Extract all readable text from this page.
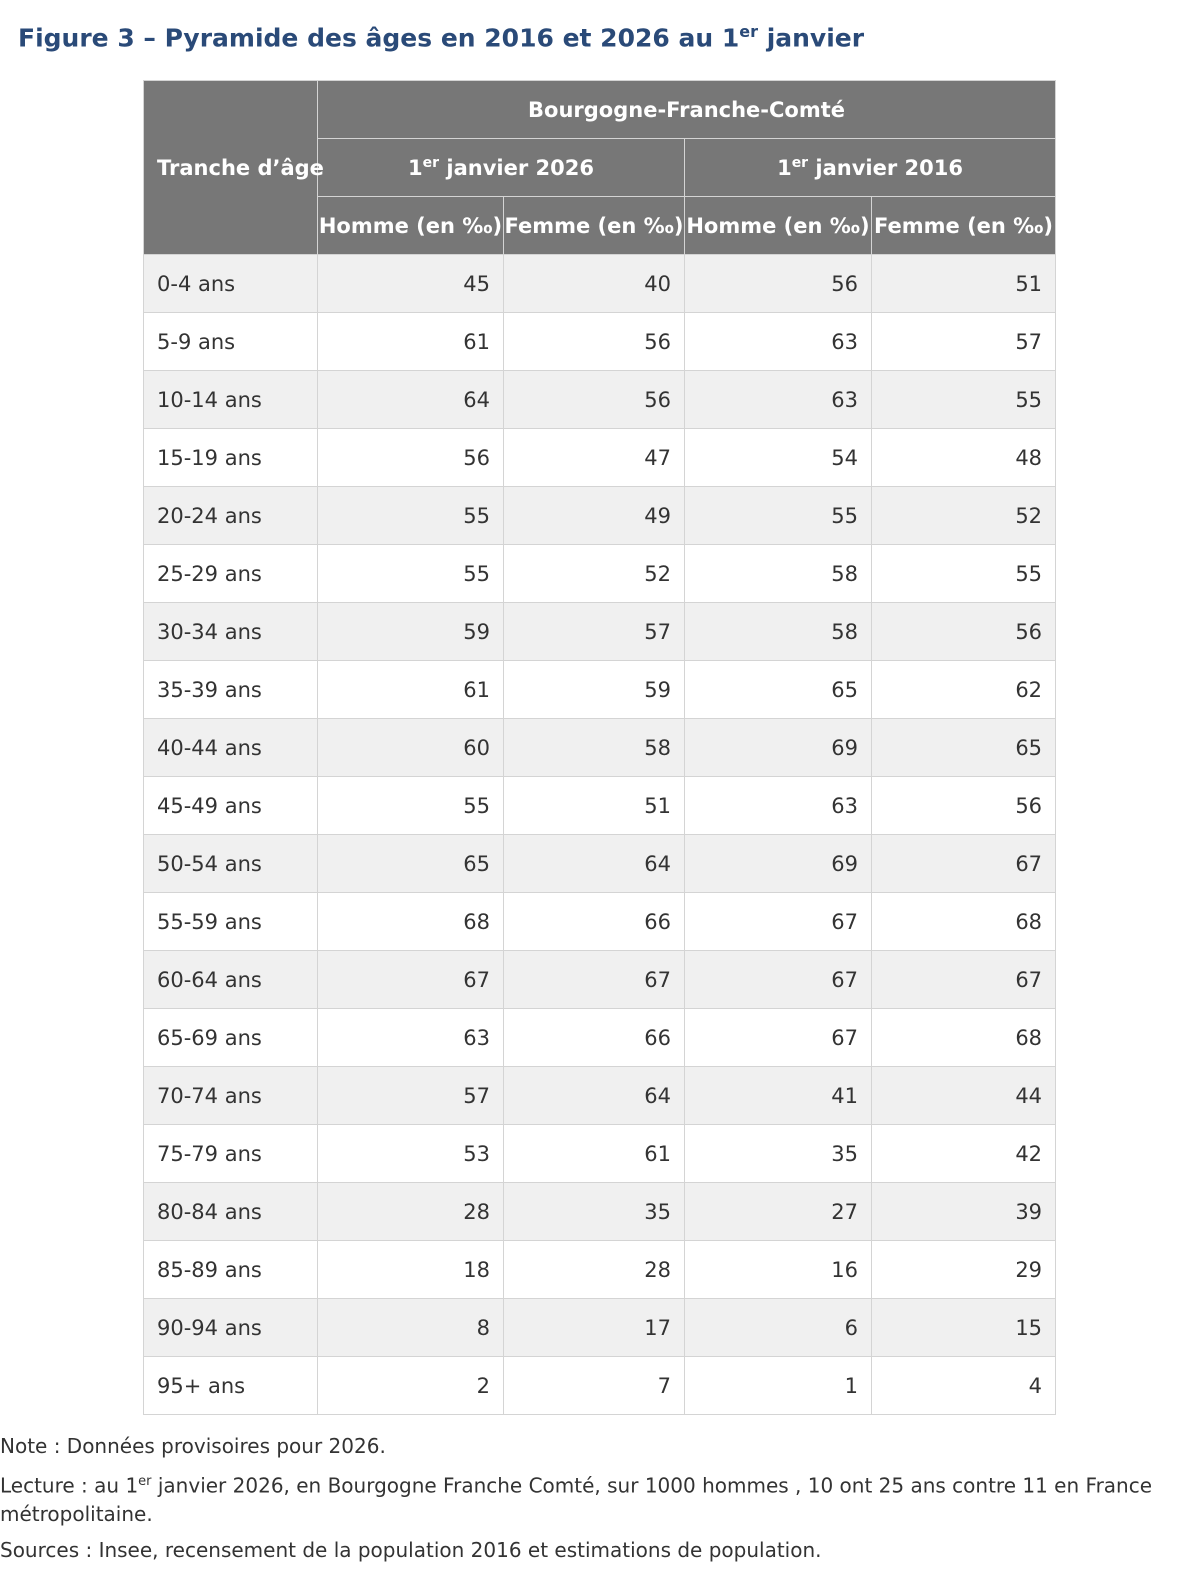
Figure 3 – Pyramide des âges en 2016 et 2026 au 1er janvier
Tranche d’âge	Bourgogne-Franche-Comté			
	1er janvier 2026		1er janvier 2016	
	Homme (en ‰)	Femme (en ‰)	Homme (en ‰)	Femme (en ‰)
0-4 ans	45	40	56	51
5-9 ans	61	56	63	57
10-14 ans	64	56	63	55
15-19 ans	56	47	54	48
20-24 ans	55	49	55	52
25-29 ans	55	52	58	55
30-34 ans	59	57	58	56
35-39 ans	61	59	65	62
40-44 ans	60	58	69	65
45-49 ans	55	51	63	56
50-54 ans	65	64	69	67
55-59 ans	68	66	67	68
60-64 ans	67	67	67	67
65-69 ans	63	66	67	68
70-74 ans	57	64	41	44
75-79 ans	53	61	35	42
80-84 ans	28	35	27	39
85-89 ans	18	28	16	29
90-94 ans	8	17	6	15
95+ ans	2	7	1	4

Note : Données provisoires pour 2026.

Lecture : au 1er janvier 2026, en Bourgogne Franche Comté, sur 1000 hommes , 10 ont 25 ans contre 11 en France métropolitaine.

Sources : Insee, recensement de la population 2016 et estimations de population.
